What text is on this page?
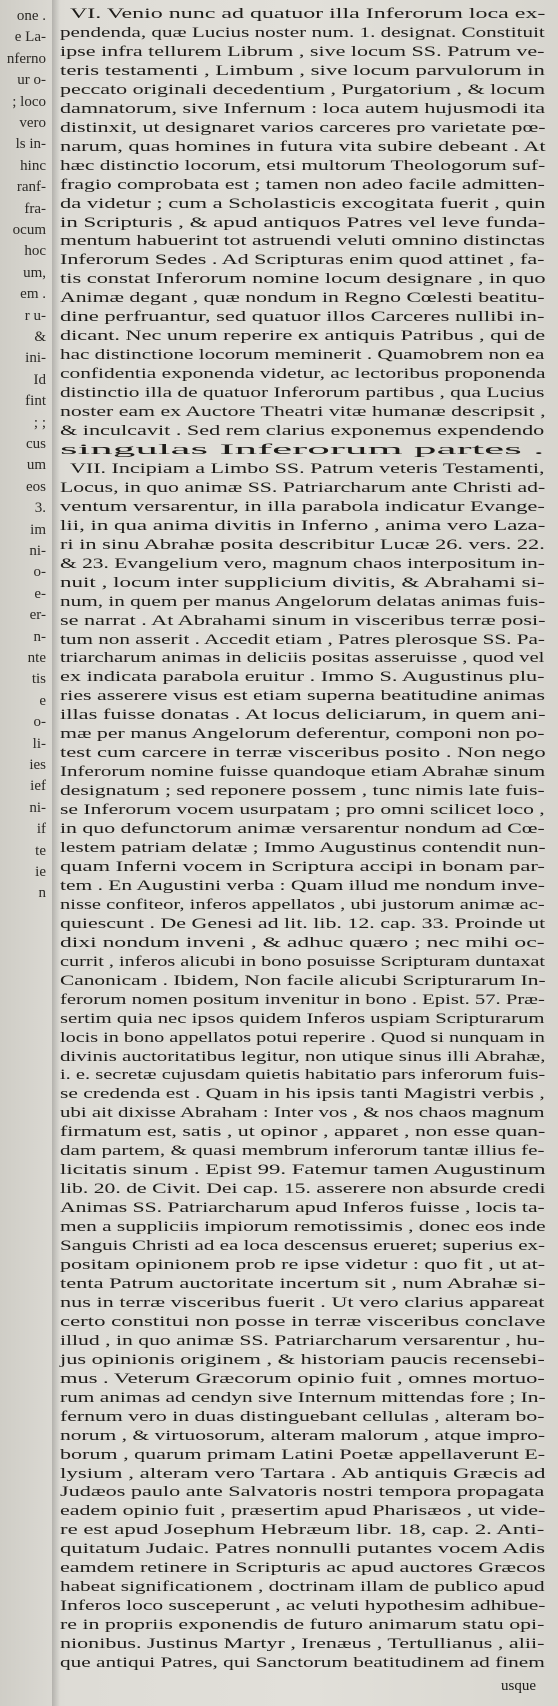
one .
e La-
nferno
ur o-
; loco
vero
ls in-
hinc
ranf-
fra-
ocum
hoc
um,
em .
r u-
&
ini-
Id
fint
; ;
cus
um
eos
3.
im
ni-
o-
e-
er-
n-
nte
tis
e
o-
li-
ies
ief
ni-
if
te
ie
n
VI. Venio nunc ad quatuor illa Inferorum loca ex-
pendenda, quæ Lucius noster num. 1. designat. Constituit
ipse infra tellurem Librum , sive locum SS. Patrum ve-
teris testamenti , Limbum , sive locum parvulorum in
peccato originali decedentium , Purgatorium , & locum
damnatorum, sive Infernum : loca autem hujusmodi ita
distinxit, ut designaret varios carceres pro varietate pœ-
narum, quas homines in futura vita subire debeant . At
hæc distinctio locorum, etsi multorum Theologorum suf-
fragio comprobata est ; tamen non adeo facile admitten-
da videtur ; cum a Scholasticis excogitata fuerit , quin
in Scripturis , & apud antiquos Patres vel leve funda-
mentum habuerint tot astruendi veluti omnino distinctas
Inferorum Sedes . Ad Scripturas enim quod attinet , fa-
tis constat Inferorum nomine locum designare , in quo
Animæ degant , quæ nondum in Regno Cœlesti beatitu-
dine perfruantur, sed quatuor illos Carceres nullibi in-
dicant. Nec unum reperire ex antiquis Patribus , qui de
hac distinctione locorum meminerit . Quamobrem non ea
confidentia exponenda videtur, ac lectoribus proponenda
distinctio illa de quatuor Inferorum partibus , qua Lucius
noster eam ex Auctore Theatri vitæ humanæ descripsit ,
& inculcavit . Sed rem clarius exponemus expendendo
singulas Inferorum partes .
VII. Incipiam a Limbo SS. Patrum veteris Testamenti,
Locus, in quo animæ SS. Patriarcharum ante Christi ad-
ventum versarentur, in illa parabola indicatur Evange-
lii, in qua anima divitis in Inferno , anima vero Laza-
ri in sinu Abrahæ posita describitur Lucæ 26. vers. 22.
& 23. Evangelium vero, magnum chaos interpositum in-
nuit , locum inter supplicium divitis, & Abrahami si-
num, in quem per manus Angelorum delatas animas fuis-
se narrat . At Abrahami sinum in visceribus terræ posi-
tum non asserit . Accedit etiam , Patres plerosque SS. Pa-
triarcharum animas in deliciis positas asseruisse , quod vel
ex indicata parabola eruitur . Immo S. Augustinus plu-
ries asserere visus est etiam superna beatitudine animas
illas fuisse donatas . At locus deliciarum, in quem ani-
mæ per manus Angelorum deferentur, componi non po-
test cum carcere in terræ visceribus posito . Non nego
Inferorum nomine fuisse quandoque etiam Abrahæ sinum
designatum ; sed reponere possem , tunc nimis late fuis-
se Inferorum vocem usurpatam ; pro omni scilicet loco ,
in quo defunctorum animæ versarentur nondum ad Cœ-
lestem patriam delatæ ; Immo Augustinus contendit nun-
quam Inferni vocem in Scriptura accipi in bonam par-
tem . En Augustini verba : Quam illud me nondum inve-
nisse confiteor, inferos appellatos , ubi justorum animæ ac-
quiescunt . De Genesi ad lit. lib. 12. cap. 33. Proinde ut
dixi nondum inveni , & adhuc quæro ; nec mihi oc-
currit , inferos alicubi in bono posuisse Scripturam duntaxat
Canonicam . Ibidem, Non facile alicubi Scripturarum In-
ferorum nomen positum invenitur in bono . Epist. 57. Præ-
sertim quia nec ipsos quidem Inferos uspiam Scripturarum
locis in bono appellatos potui reperire . Quod si nunquam in
divinis auctoritatibus legitur, non utique sinus illi Abrahæ,
i. e. secretæ cujusdam quietis habitatio pars inferorum fuis-
se credenda est . Quam in his ipsis tanti Magistri verbis ,
ubi ait dixisse Abraham : Inter vos , & nos chaos magnum
firmatum est, satis , ut opinor , apparet , non esse quan-
dam partem, & quasi membrum inferorum tantæ illius fe-
licitatis sinum . Epist 99. Fatemur tamen Augustinum
lib. 20. de Civit. Dei cap. 15. asserere non absurde credi
Animas SS. Patriarcharum apud Inferos fuisse , locis ta-
men a suppliciis impiorum remotissimis , donec eos inde
Sanguis Christi ad ea loca descensus erueret; superius ex-
positam opinionem prob re ipse videtur : quo fit , ut at-
tenta Patrum auctoritate incertum sit , num Abrahæ si-
nus in terræ visceribus fuerit . Ut vero clarius appareat
certo constitui non posse in terræ visceribus conclave
illud , in quo animæ SS. Patriarcharum versarentur , hu-
jus opinionis originem , & historiam paucis recensebi-
mus . Veterum Græcorum opinio fuit , omnes mortuo-
rum animas ad cendyn sive Internum mittendas fore ; In-
fernum vero in duas distinguebant cellulas , alteram bo-
norum , & virtuosorum, alteram malorum , atque impro-
borum , quarum primam Latini Poetæ appellaverunt E-
lysium , alteram vero Tartara . Ab antiquis Græcis ad
Judæos paulo ante Salvatoris nostri tempora propagata
eadem opinio fuit , præsertim apud Pharisæos , ut vide-
re est apud Josephum Hebræum libr. 18, cap. 2. Anti-
quitatum Judaic. Patres nonnulli putantes vocem Adis
eamdem retinere in Scripturis ac apud auctores Græcos
habeat significationem , doctrinam illam de publico apud
Inferos loco susceperunt , ac veluti hypothesim adhibue-
re in propriis exponendis de futuro animarum statu opi-
nionibus. Justinus Martyr , Irenæus , Tertullianus , alii-
que antiqui Patres, qui Sanctorum beatitudinem ad finem
usque
